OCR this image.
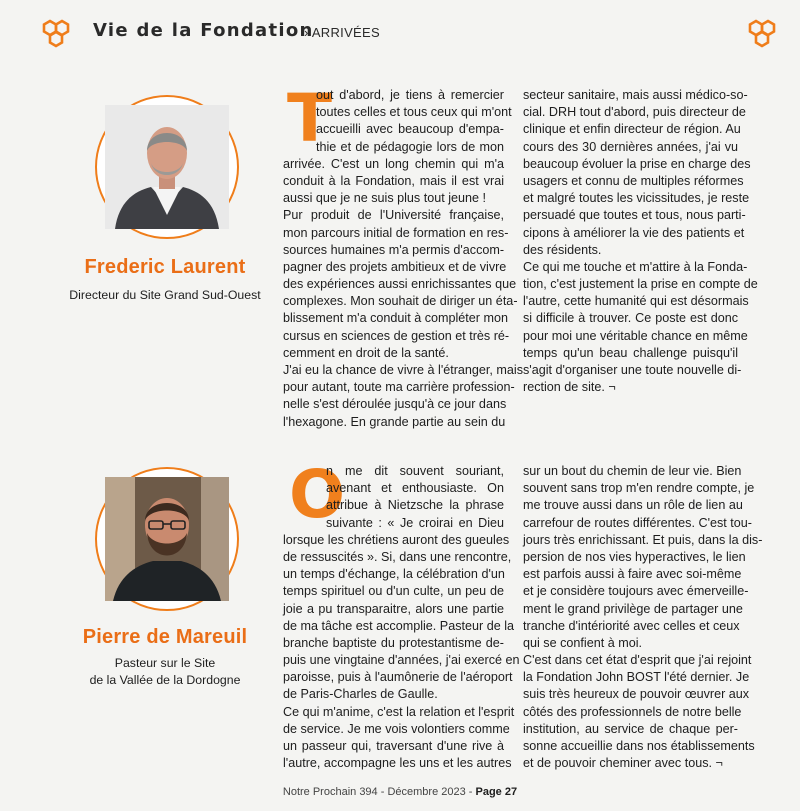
Vie de la Fondation
› ARRIVÉES
Frederic Laurent
Directeur du Site Grand Sud-Ouest
T
out d'abord, je tiens à remercier
toutes celles et tous ceux qui m'ont
accueilli avec beaucoup d'empa-
thie et de pédagogie lors de mon
arrivée. C'est un long chemin qui m'a
conduit à la Fondation, mais il est vrai
aussi que je ne suis plus tout jeune !
Pur produit de l'Université française,
mon parcours initial de formation en res-
sources humaines m'a permis d'accom-
pagner des projets ambitieux et de vivre
des expériences aussi enrichissantes que
complexes. Mon souhait de diriger un éta-
blissement m'a conduit à compléter mon
cursus en sciences de gestion et très ré-
cemment en droit de la santé.
J'ai eu la chance de vivre à l'étranger, mais
pour autant, toute ma carrière profession-
nelle s'est déroulée jusqu'à ce jour dans
l'hexagone. En grande partie au sein du
secteur sanitaire, mais aussi médico-so-
cial. DRH tout d'abord, puis directeur de
clinique et enfin directeur de région. Au
cours des 30 dernières années, j'ai vu
beaucoup évoluer la prise en charge des
usagers et connu de multiples réformes
et malgré toutes les vicissitudes, je reste
persuadé que toutes et tous, nous parti-
cipons à améliorer la vie des patients et
des résidents.
Ce qui me touche et m'attire à la Fonda-
tion, c'est justement la prise en compte de
l'autre, cette humanité qui est désormais
si difficile à trouver. Ce poste est donc
pour moi une véritable chance en même
temps qu'un beau challenge puisqu'il
s'agit d'organiser une toute nouvelle di-
rection de site. ¬
Pierre de Mareuil
Pasteur sur le Site
de la Vallée de la Dordogne
O
n me dit souvent souriant,
avenant et enthousiaste. On
attribue à Nietzsche la phrase
suivante : « Je croirai en Dieu
lorsque les chrétiens auront des gueules
de ressuscités ». Si, dans une rencontre,
un temps d'échange, la célébration d'un
temps spirituel ou d'un culte, un peu de
joie a pu transparaitre, alors une partie
de ma tâche est accomplie. Pasteur de la
branche baptiste du protestantisme de-
puis une vingtaine d'années, j'ai exercé en
paroisse, puis à l'aumônerie de l'aéroport
de Paris-Charles de Gaulle.
Ce qui m'anime, c'est la relation et l'esprit
de service. Je me vois volontiers comme
un passeur qui, traversant d'une rive à
l'autre, accompagne les uns et les autres
sur un bout du chemin de leur vie. Bien
souvent sans trop m'en rendre compte, je
me trouve aussi dans un rôle de lien au
carrefour de routes différentes. C'est tou-
jours très enrichissant. Et puis, dans la dis-
persion de nos vies hyperactives, le lien
est parfois aussi à faire avec soi-même
et je considère toujours avec émerveille-
ment le grand privilège de partager une
tranche d'intériorité avec celles et ceux
qui se confient à moi.
C'est dans cet état d'esprit que j'ai rejoint
la Fondation John BOST l'été dernier. Je
suis très heureux de pouvoir œuvrer aux
côtés des professionnels de notre belle
institution, au service de chaque per-
sonne accueillie dans nos établissements
et de pouvoir cheminer avec tous. ¬
Notre Prochain 394 - Décembre 2023 - Page 27
